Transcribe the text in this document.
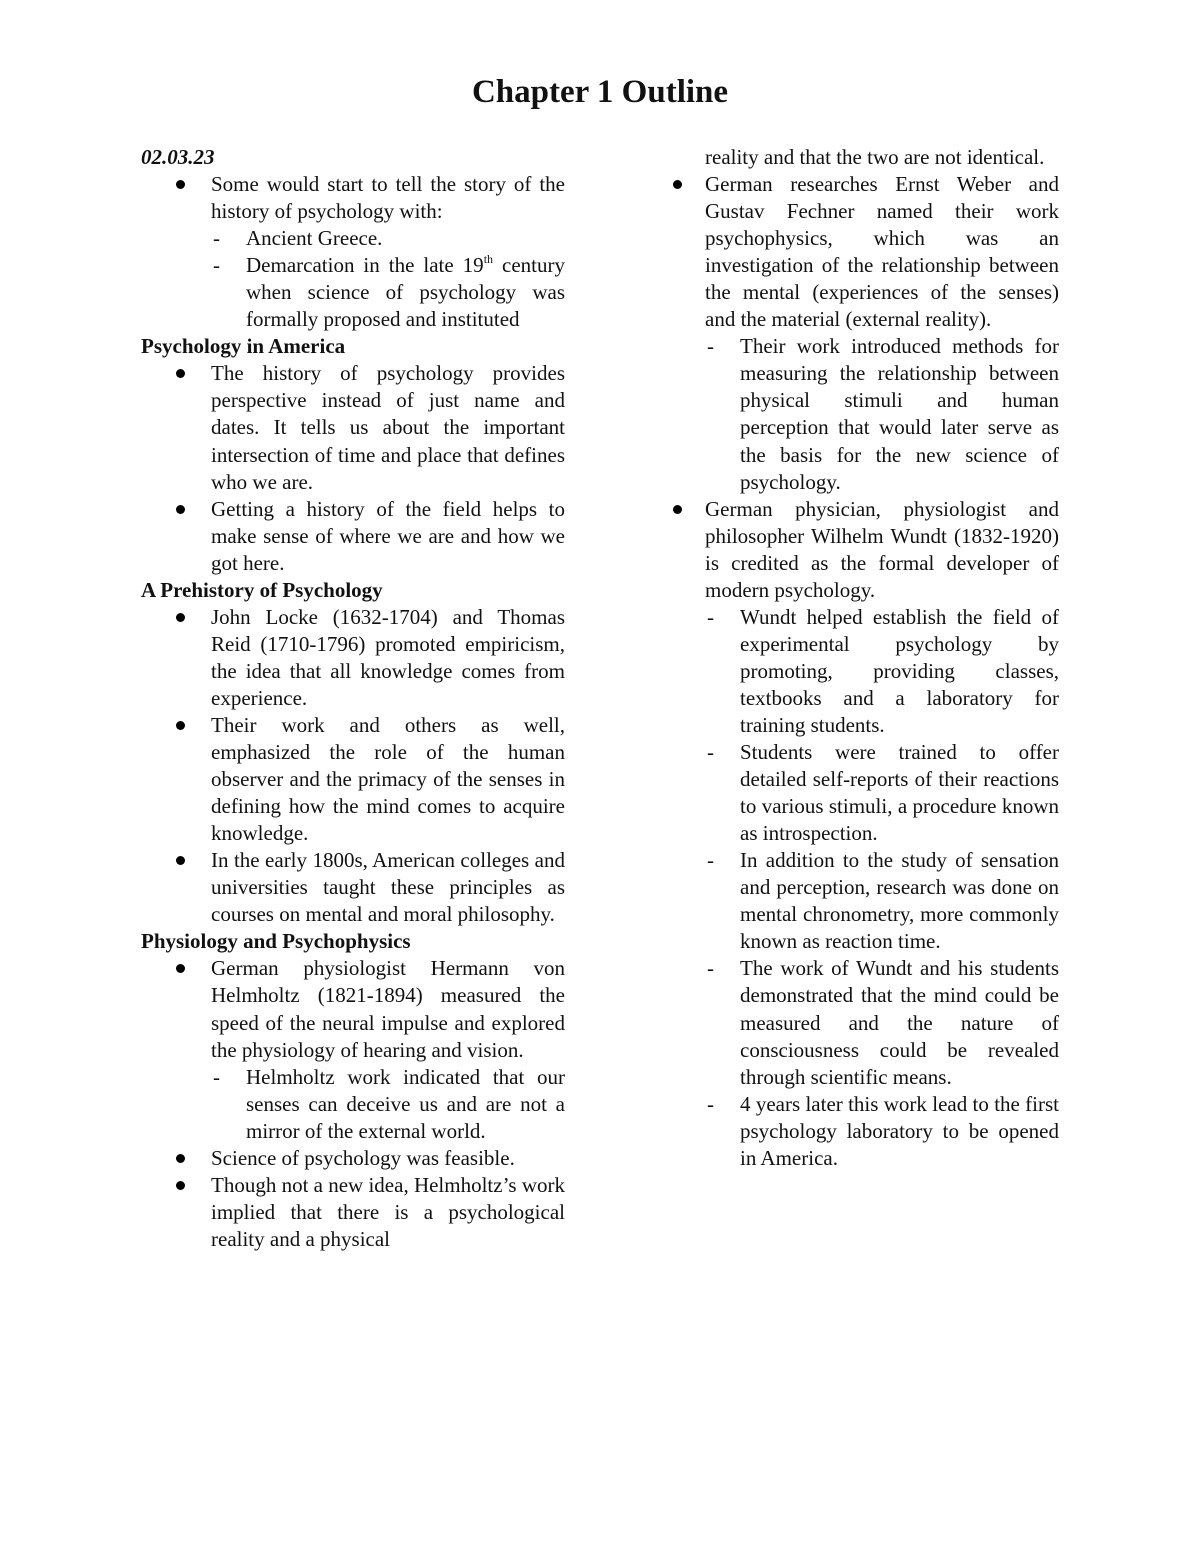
Chapter 1 Outline

02.03.23

Some would start to tell the story of the history of psychology with:
- Ancient Greece.
- Demarcation in the late 19th century when science of psychology was formally proposed and instituted

Psychology in America

The history of psychology provides perspective instead of just name and dates. It tells us about the important intersection of time and place that defines who we are.
Getting a history of the field helps to make sense of where we are and how we got here.

A Prehistory of Psychology

John Locke (1632-1704) and Thomas Reid (1710-1796) promoted empiricism, the idea that all knowledge comes from experience.
Their work and others as well, emphasized the role of the human observer and the primacy of the senses in defining how the mind comes to acquire knowledge.
In the early 1800s, American colleges and universities taught these principles as courses on mental and moral philosophy.

Physiology and Psychophysics

German physiologist Hermann von Helmholtz (1821-1894) measured the speed of the neural impulse and explored the physiology of hearing and vision.
- Helmholtz work indicated that our senses can deceive us and are not a mirror of the external world.
Science of psychology was feasible.
Though not a new idea, Helmholtz’s work implied that there is a psychological reality and a physical

reality and that the two are not identical.

German researches Ernst Weber and Gustav Fechner named their work psychophysics, which was an investigation of the relationship between the mental (experiences of the senses) and the material (external reality).
- Their work introduced methods for measuring the relationship between physical stimuli and human perception that would later serve as the basis for the new science of psychology.
German physician, physiologist and philosopher Wilhelm Wundt (1832-1920) is credited as the formal developer of modern psychology.
- Wundt helped establish the field of experimental psychology by promoting, providing classes, textbooks and a laboratory for training students.
- Students were trained to offer detailed self-reports of their reactions to various stimuli, a procedure known as introspection.
- In addition to the study of sensation and perception, research was done on mental chronometry, more commonly known as reaction time.
- The work of Wundt and his students demonstrated that the mind could be measured and the nature of consciousness could be revealed through scientific means.
- 4 years later this work lead to the first psychology laboratory to be opened in America.
